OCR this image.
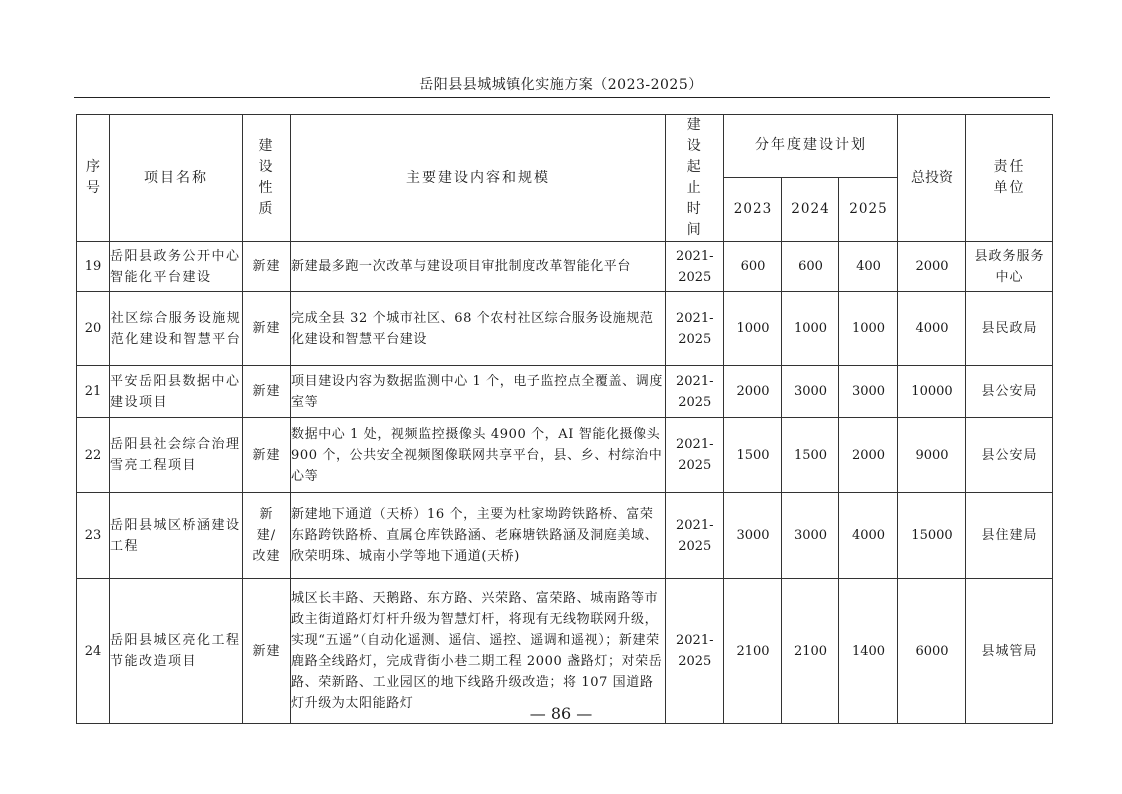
岳阳县县城城镇化实施方案（2023-2025）
序号	项目名称	建设性质	主要建设内容和规模	建设起止时间	分年度建设计划			总投资	责任单位
					2023	2024	2025		
19	岳阳县政务公开中心智能化平台建设	新建	新建最多跑一次改革与建设项目审批制度改革智能化平台	2021-2025	600	600	400	2000	县政务服务中心
20	社区综合服务设施规范化建设和智慧平台	新建	完成全县 32 个城市社区、68 个农村社区综合服务设施规范化建设和智慧平台建设	2021-2025	1000	1000	1000	4000	县民政局
21	平安岳阳县数据中心建设项目	新建	项目建设内容为数据监测中心 1 个，电子监控点全覆盖、调度室等	2021-2025	2000	3000	3000	10000	县公安局
22	岳阳县社会综合治理雪亮工程项目	新建	数据中心 1 处，视频监控摄像头 4900 个，AI 智能化摄像头 900 个，公共安全视频图像联网共享平台，县、乡、村综治中心等	2021-2025	1500	1500	2000	9000	县公安局
23	岳阳县城区桥涵建设工程	新建/改建	新建地下通道（天桥）16 个，主要为杜家坳跨铁路桥、富荣东路跨铁路桥、直属仓库铁路涵、老麻塘铁路涵及洞庭美域、欣荣明珠、城南小学等地下通道(天桥)	2021-2025	3000	3000	4000	15000	县住建局
24	岳阳县城区亮化工程节能改造项目	新建	城区长丰路、天鹅路、东方路、兴荣路、富荣路、城南路等市政主街道路灯灯杆升级为智慧灯杆，将现有无线物联网升级，实现“五遥”（自动化遥测、遥信、遥控、遥调和遥视）；新建荣鹿路全线路灯，完成背街小巷二期工程 2000 盏路灯；对荣岳路、荣新路、工业园区的地下线路升级改造；将 107 国道路灯升级为太阳能路灯	2021-2025	2100	2100	1400	6000	县城管局
— 86 —
